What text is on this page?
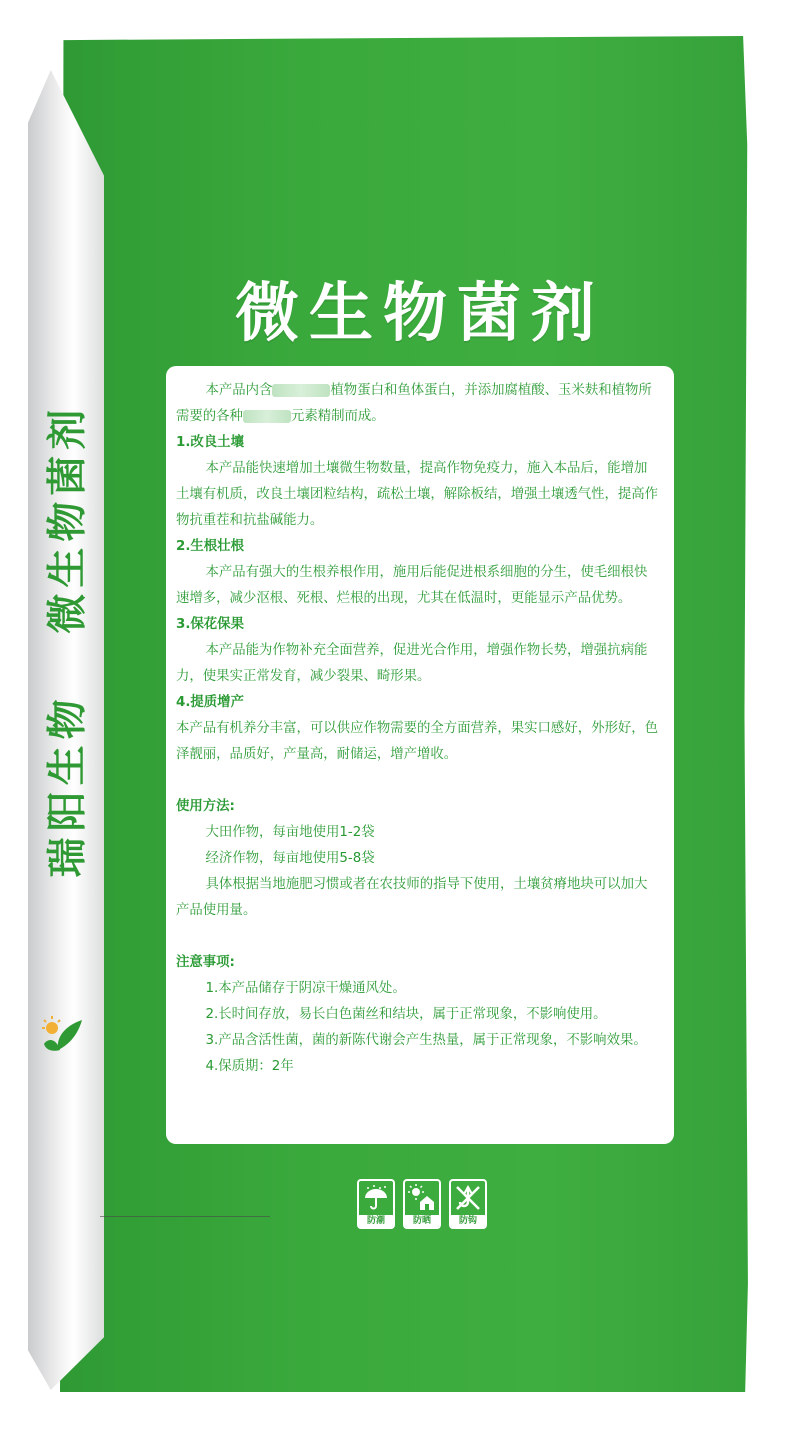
瑞阳生物   微生物菌剂
微生物菌剂

本产品内含	植物蛋白和鱼体蛋白，并添加腐植酸、玉米麸和植物所需要的各种	元素精制而成。

1.改良土壤

本产品能快速增加土壤微生物数量，提高作物免疫力，施入本品后，能增加土壤有机质，改良土壤团粒结构，疏松土壤，解除板结，增强土壤透气性，提高作物抗重茬和抗盐碱能力。

2.生根壮根

本产品有强大的生根养根作用，施用后能促进根系细胞的分生，使毛细根快速增多，减少沤根、死根、烂根的出现，尤其在低温时，更能显示产品优势。

3.保花保果

本产品能为作物补充全面营养，促进光合作用，增强作物长势，增强抗病能力，使果实正常发育，减少裂果、畸形果。

4.提质增产

本产品有机养分丰富，可以供应作物需要的全方面营养，果实口感好，外形好，色泽靓丽，品质好，产量高，耐储运，增产增收。

使用方法:

大田作物，每亩地使用1-2袋

经济作物，每亩地使用5-8袋

具体根据当地施肥习惯或者在农技师的指导下使用，土壤贫瘠地块可以加大产品使用量。

注意事项:

1.本产品储存于阴凉干燥通风处。

2.长时间存放，易长白色菌丝和结块，属于正常现象，不影响使用。

3.产品含活性菌，菌的新陈代谢会产生热量，属于正常现象，不影响效果。

4.保质期：2年

防潮	防晒	防钩
